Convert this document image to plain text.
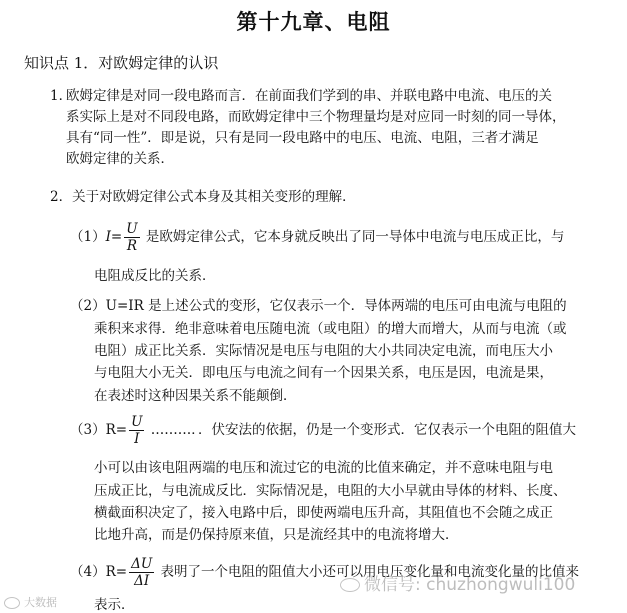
第十九章、电阻
知识点 1．对欧姆定律的认识
1．
欧姆定律是对同一段电路而言．在前面我们学到的串、并联电路中电流、电压的关
系实际上是对不同段电路，而欧姆定律中三个物理量均是对应同一时刻的同一导体，
具有“同一性”．即是说，只有是同一段电路中的电压、电流、电阻，三者才满足
欧姆定律的关系．
2．关于对欧姆定律公式本身及其相关变形的理解．
$(1)I= \frac{U}{R}$ 是欧姆定律公式，它本身就反映出了同一导体中电流与电压成正比，与
电阻成反比的关系．
（2）U=IR 是上述公式的变形，它仅表示一个．导体两端的电压可由电流与电阻的
乘积来求得．绝非意味着电压随电流（或电阻）的增大而增大，从而与电流（或
电阻）成正比关系．实际情况是电压与电阻的大小共同决定电流，而电压大小
与电阻大小无关．即电压与电流之间有一个因果关系，电压是因，电流是果，
在表述时这种因果关系不能颠倒．
$(3)R= \frac{U}{I}$ ………．．伏安法的依据，仍是一个变形式．它仅表示一个电阻的阻值大
小可以由该电阻两端的电压和流过它的电流的比值来确定，并不意味电阻与电
压成正比，与电流成反比．实际情况是，电阻的大小早就由导体的材料、长度、
横截面积决定了，接入电路中后，即使两端电压升高，其阻值也不会随之成正
比地升高，而是仍保持原来值，只是流经其中的电流将增大．
$(4)R= \frac{\Delta U}{\Delta I}$ 表明了一个电阻的阻值大小还可以用电压变化量和电流变化量的比值来
表示．
大数据
微信号: chuzhongwuli100
